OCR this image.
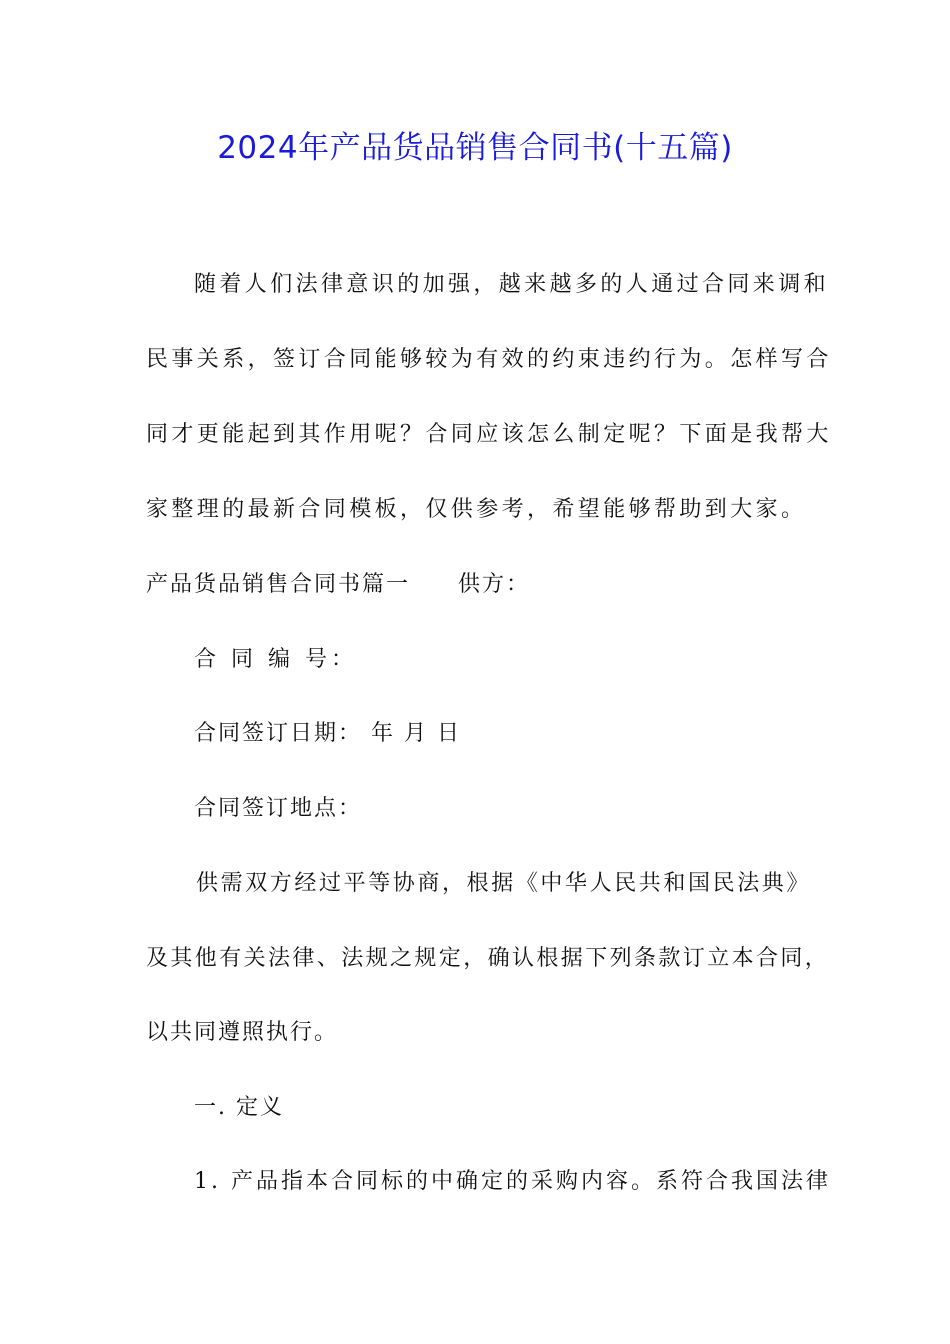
2024年产品货品销售合同书(十五篇)
随着人们法律意识的加强，越来越多的人通过合同来调和
民事关系，签订合同能够较为有效的约束违约行为。怎样写合
同才更能起到其作用呢？合同应该怎么制定呢？下面是我帮大
家整理的最新合同模板，仅供参考，希望能够帮助到大家。
产品货品销售合同书篇一 供方：
合 同 编 号：
合同签订日期： 年 月 日
合同签订地点：
供需双方经过平等协商，根据《中华人民共和国民法典》
及其他有关法律、法规之规定，确认根据下列条款订立本合同，
以共同遵照执行。
一. 定义
1. 产品指本合同标的中确定的采购内容。系符合我国法律
